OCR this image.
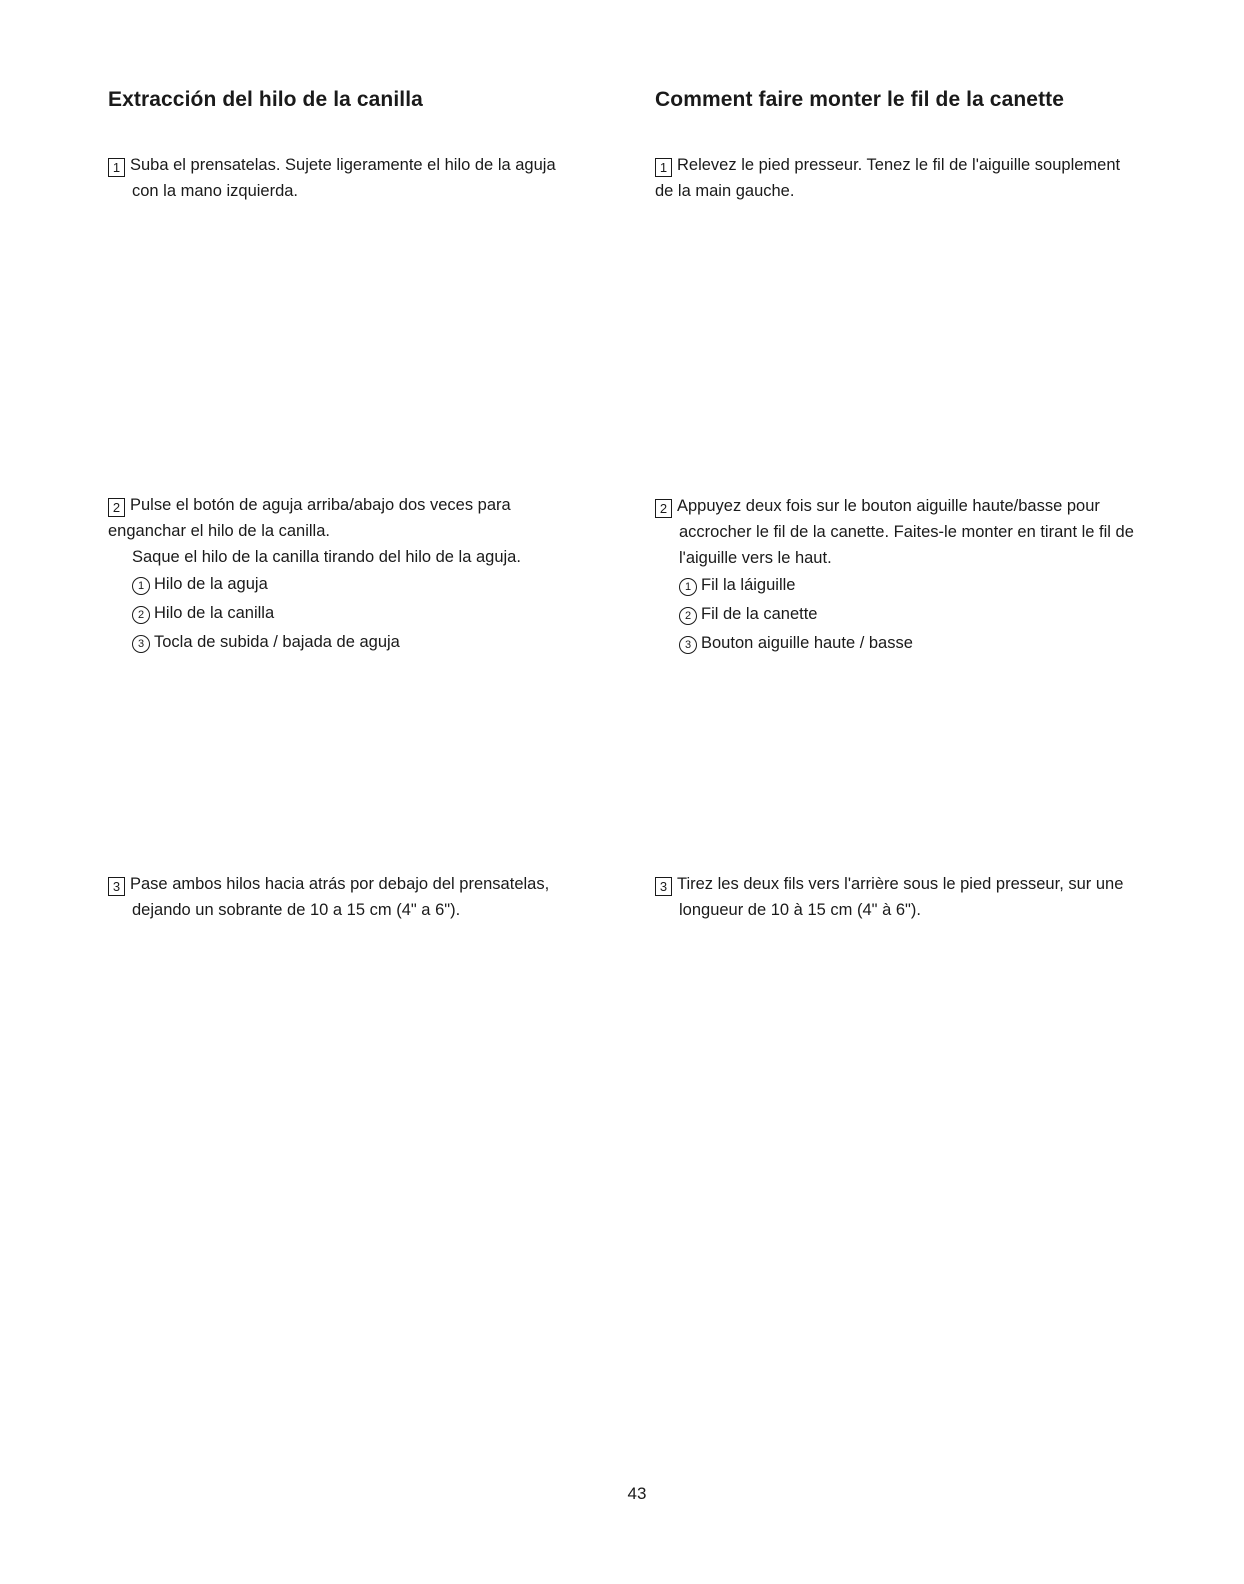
Extracción del hilo de la canilla
1 Suba el prensatelas. Sujete ligeramente el hilo de la aguja
con la mano izquierda.
2 Pulse el botón de aguja arriba/abajo dos veces para
enganchar el hilo de la canilla.
Saque el hilo de la canilla tirando del hilo de la aguja.
1 Hilo de la aguja
2 Hilo de la canilla
3 Tocla de subida / bajada de aguja
3 Pase ambos hilos hacia atrás por debajo del prensatelas,
dejando un sobrante de 10 a 15 cm (4" a 6").
Comment faire monter le fil de la canette
1 Relevez le pied presseur. Tenez le fil de l'aiguille souplement
de la main gauche.
2 Appuyez deux fois sur le bouton aiguille haute/basse pour
accrocher le fil de la canette. Faites-le monter en tirant le fil de
l'aiguille vers le haut.
1 Fil la láiguille
2 Fil de la canette
3 Bouton aiguille haute / basse
3 Tirez les deux fils vers l'arrière sous le pied presseur, sur une
longueur de 10 à 15 cm (4" à 6").
43
